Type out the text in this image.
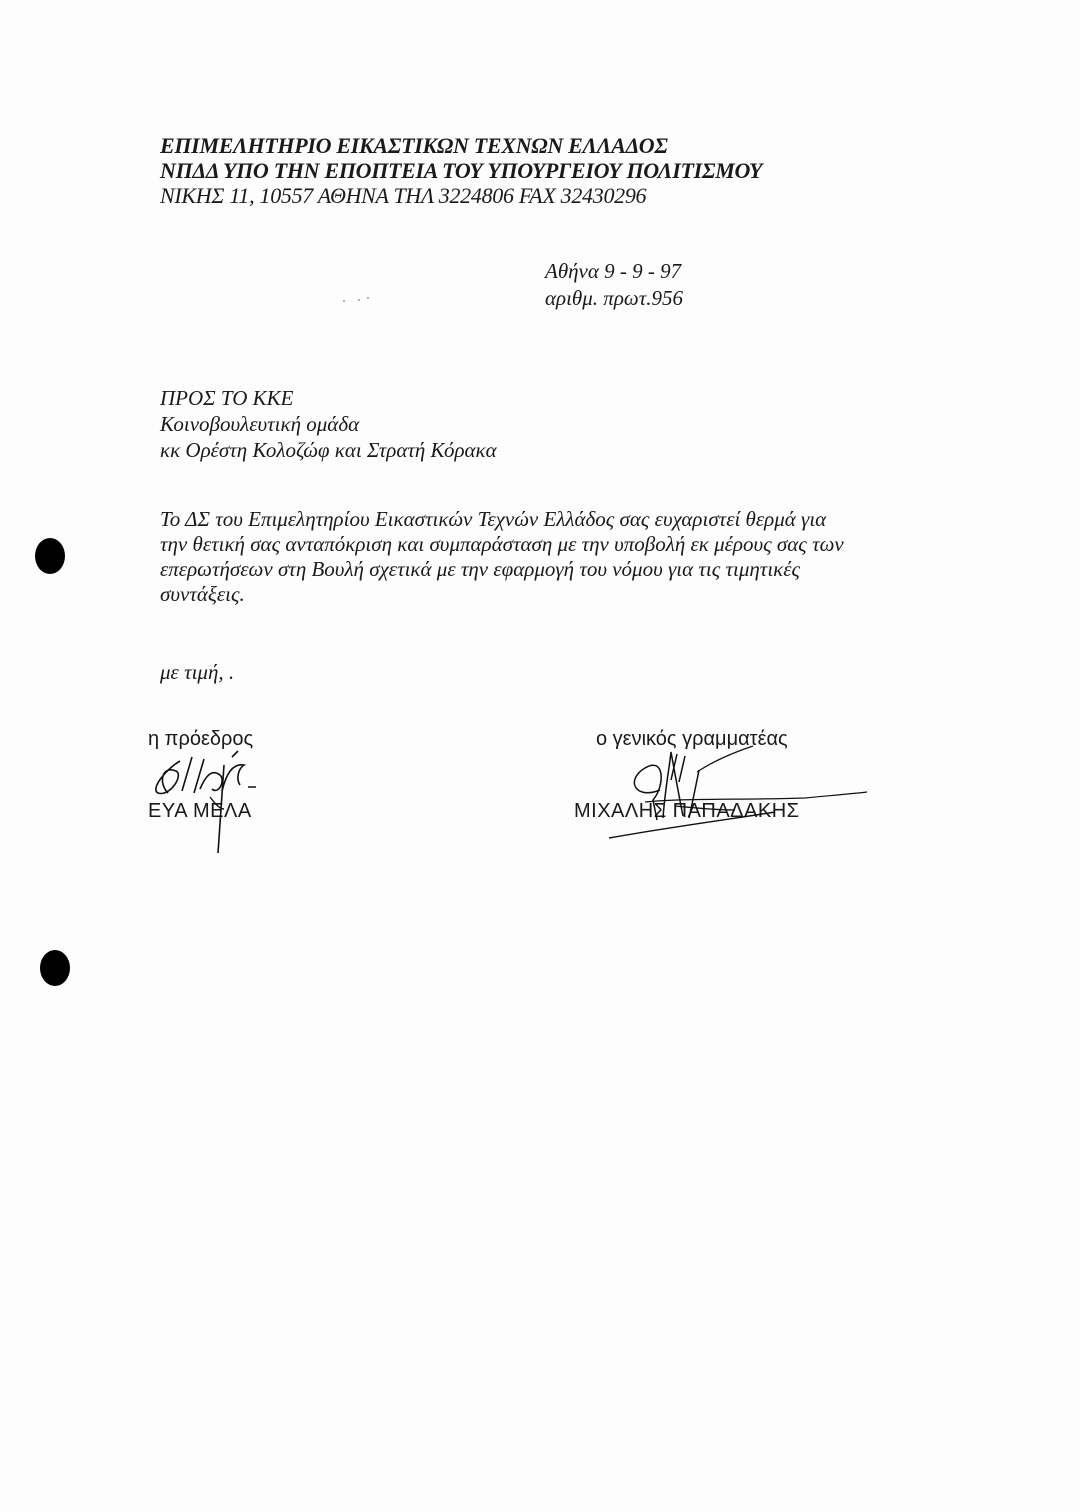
ΕΠΙΜΕΛΗΤΗΡΙΟ ΕΙΚΑΣΤΙΚΩΝ ΤΕΧΝΩΝ ΕΛΛΑΔΟΣ
ΝΠΔΔ ΥΠΟ ΤΗΝ ΕΠΟΠΤΕΙΑ ΤΟΥ ΥΠΟΥΡΓΕΙΟΥ ΠΟΛΙΤΙΣΜΟΥ
ΝΙΚΗΣ 11, 10557 ΑΘΗΝΑ ΤΗΛ 3224806 FAX 32430296
Αθήνα 9 - 9 - 97
αριθμ. πρωτ.956
ΠΡΟΣ ΤΟ ΚΚΕ
Κοινοβουλευτική ομάδα
κκ Ορέστη Κολοζώφ και Στρατή Κόρακα
Το ΔΣ του Επιμελητηρίου Εικαστικών Τεχνών Ελλάδος σας ευχαριστεί θερμά για
την θετική σας ανταπόκριση και συμπαράσταση με την υποβολή εκ μέρους σας των
επερωτήσεων στη Βουλή σχετικά με την εφαρμογή του νόμου για τις τιμητικές
συντάξεις.
με τιμή, .
η πρόεδρος
ΕΥΑ ΜΕΛΑ
ο γενικός γραμματέας
ΜΙΧΑΛΗΣ ΠΑΠΑΔΑΚΗΣ
